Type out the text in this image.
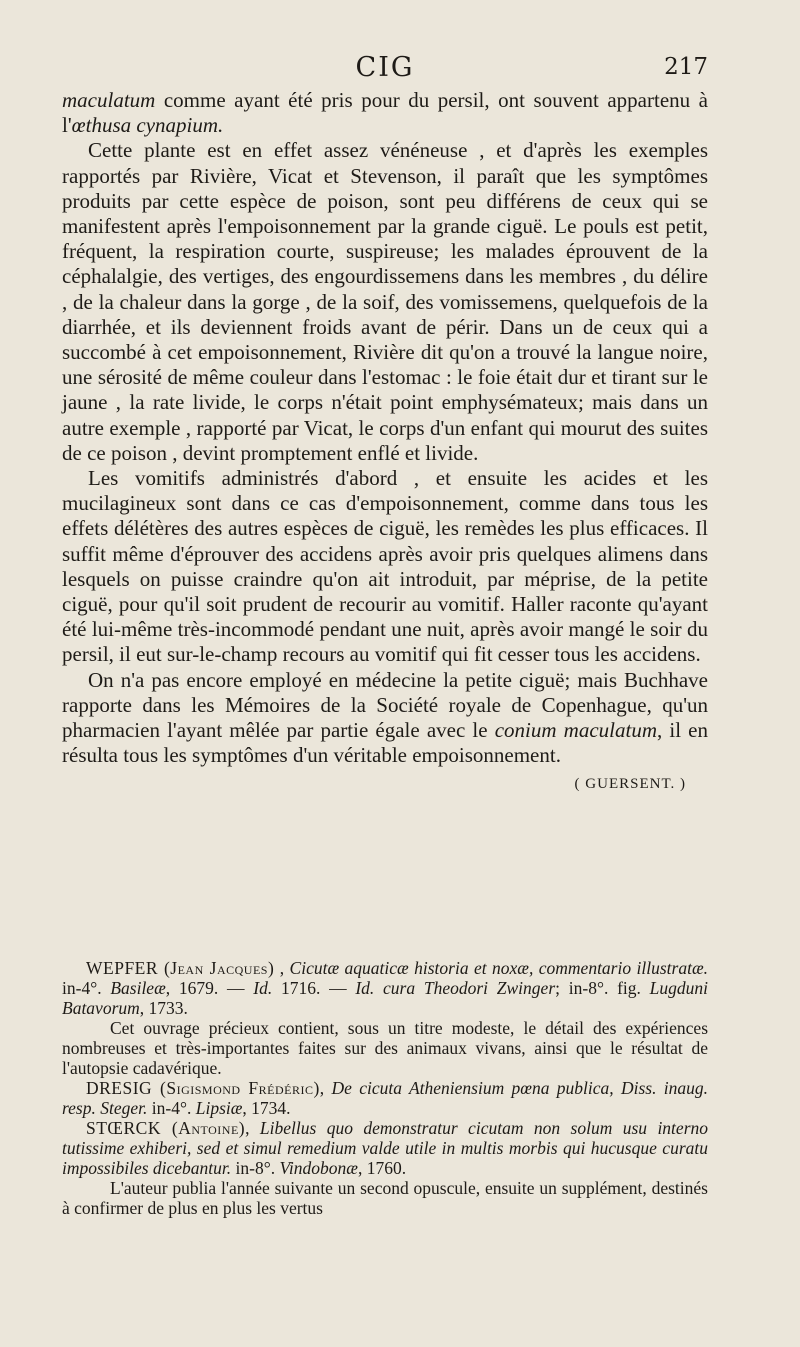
CIG	217

maculatum comme ayant été pris pour du persil, ont souvent appartenu à l'œthusa cynapium.

Cette plante est en effet assez vénéneuse , et d'après les exemples rapportés par Rivière, Vicat et Stevenson, il paraît que les symptômes produits par cette espèce de poison, sont peu différens de ceux qui se manifestent après l'empoisonnement par la grande ciguë. Le pouls est petit, fréquent, la respiration courte, suspireuse; les malades éprouvent de la céphalalgie, des vertiges, des engourdissemens dans les membres , du délire , de la chaleur dans la gorge , de la soif, des vomissemens, quelquefois de la diarrhée, et ils deviennent froids avant de périr. Dans un de ceux qui a succombé à cet empoisonnement, Rivière dit qu'on a trouvé la langue noire, une sérosité de même couleur dans l'estomac : le foie était dur et tirant sur le jaune , la rate livide, le corps n'était point emphysémateux; mais dans un autre exemple , rapporté par Vicat, le corps d'un enfant qui mourut des suites de ce poison , devint promptement enflé et livide.

Les vomitifs administrés d'abord , et ensuite les acides et les mucilagineux sont dans ce cas d'empoisonnement, comme dans tous les effets délétères des autres espèces de ciguë, les remèdes les plus efficaces. Il suffit même d'éprouver des accidens après avoir pris quelques alimens dans lesquels on puisse craindre qu'on ait introduit, par méprise, de la petite ciguë, pour qu'il soit prudent de recourir au vomitif. Haller raconte qu'ayant été lui-même très-incommodé pendant une nuit, après avoir mangé le soir du persil, il eut sur-le-champ recours au vomitif qui fit cesser tous les accidens.

On n'a pas encore employé en médecine la petite ciguë; mais Buchhave rapporte dans les Mémoires de la Société royale de Copenhague, qu'un pharmacien l'ayant mêlée par partie égale avec le conium maculatum, il en résulta tous les symptômes d'un véritable empoisonnement.

( GUERSENT. )

WEPFER (Jean Jacques) , Cicutæ aquaticæ historia et noxæ, commentario illustratæ. in-4°. Basileæ, 1679. — Id. 1716. — Id. cura Theodori Zwinger; in-8°. fig. Lugduni Batavorum, 1733.

Cet ouvrage précieux contient, sous un titre modeste, le détail des expériences nombreuses et très-importantes faites sur des animaux vivans, ainsi que le résultat de l'autopsie cadavérique.

DRESIG (Sigismond Frédéric), De cicuta Atheniensium pœna publica, Diss. inaug. resp. Steger. in-4°. Lipsiæ, 1734.

STŒRCK (Antoine), Libellus quo demonstratur cicutam non solum usu interno tutissime exhiberi, sed et simul remedium valde utile in multis morbis qui hucusque curatu impossibiles dicebantur. in-8°. Vindobonæ, 1760.

L'auteur publia l'année suivante un second opuscule, ensuite un supplément, destinés à confirmer de plus en plus les vertus
